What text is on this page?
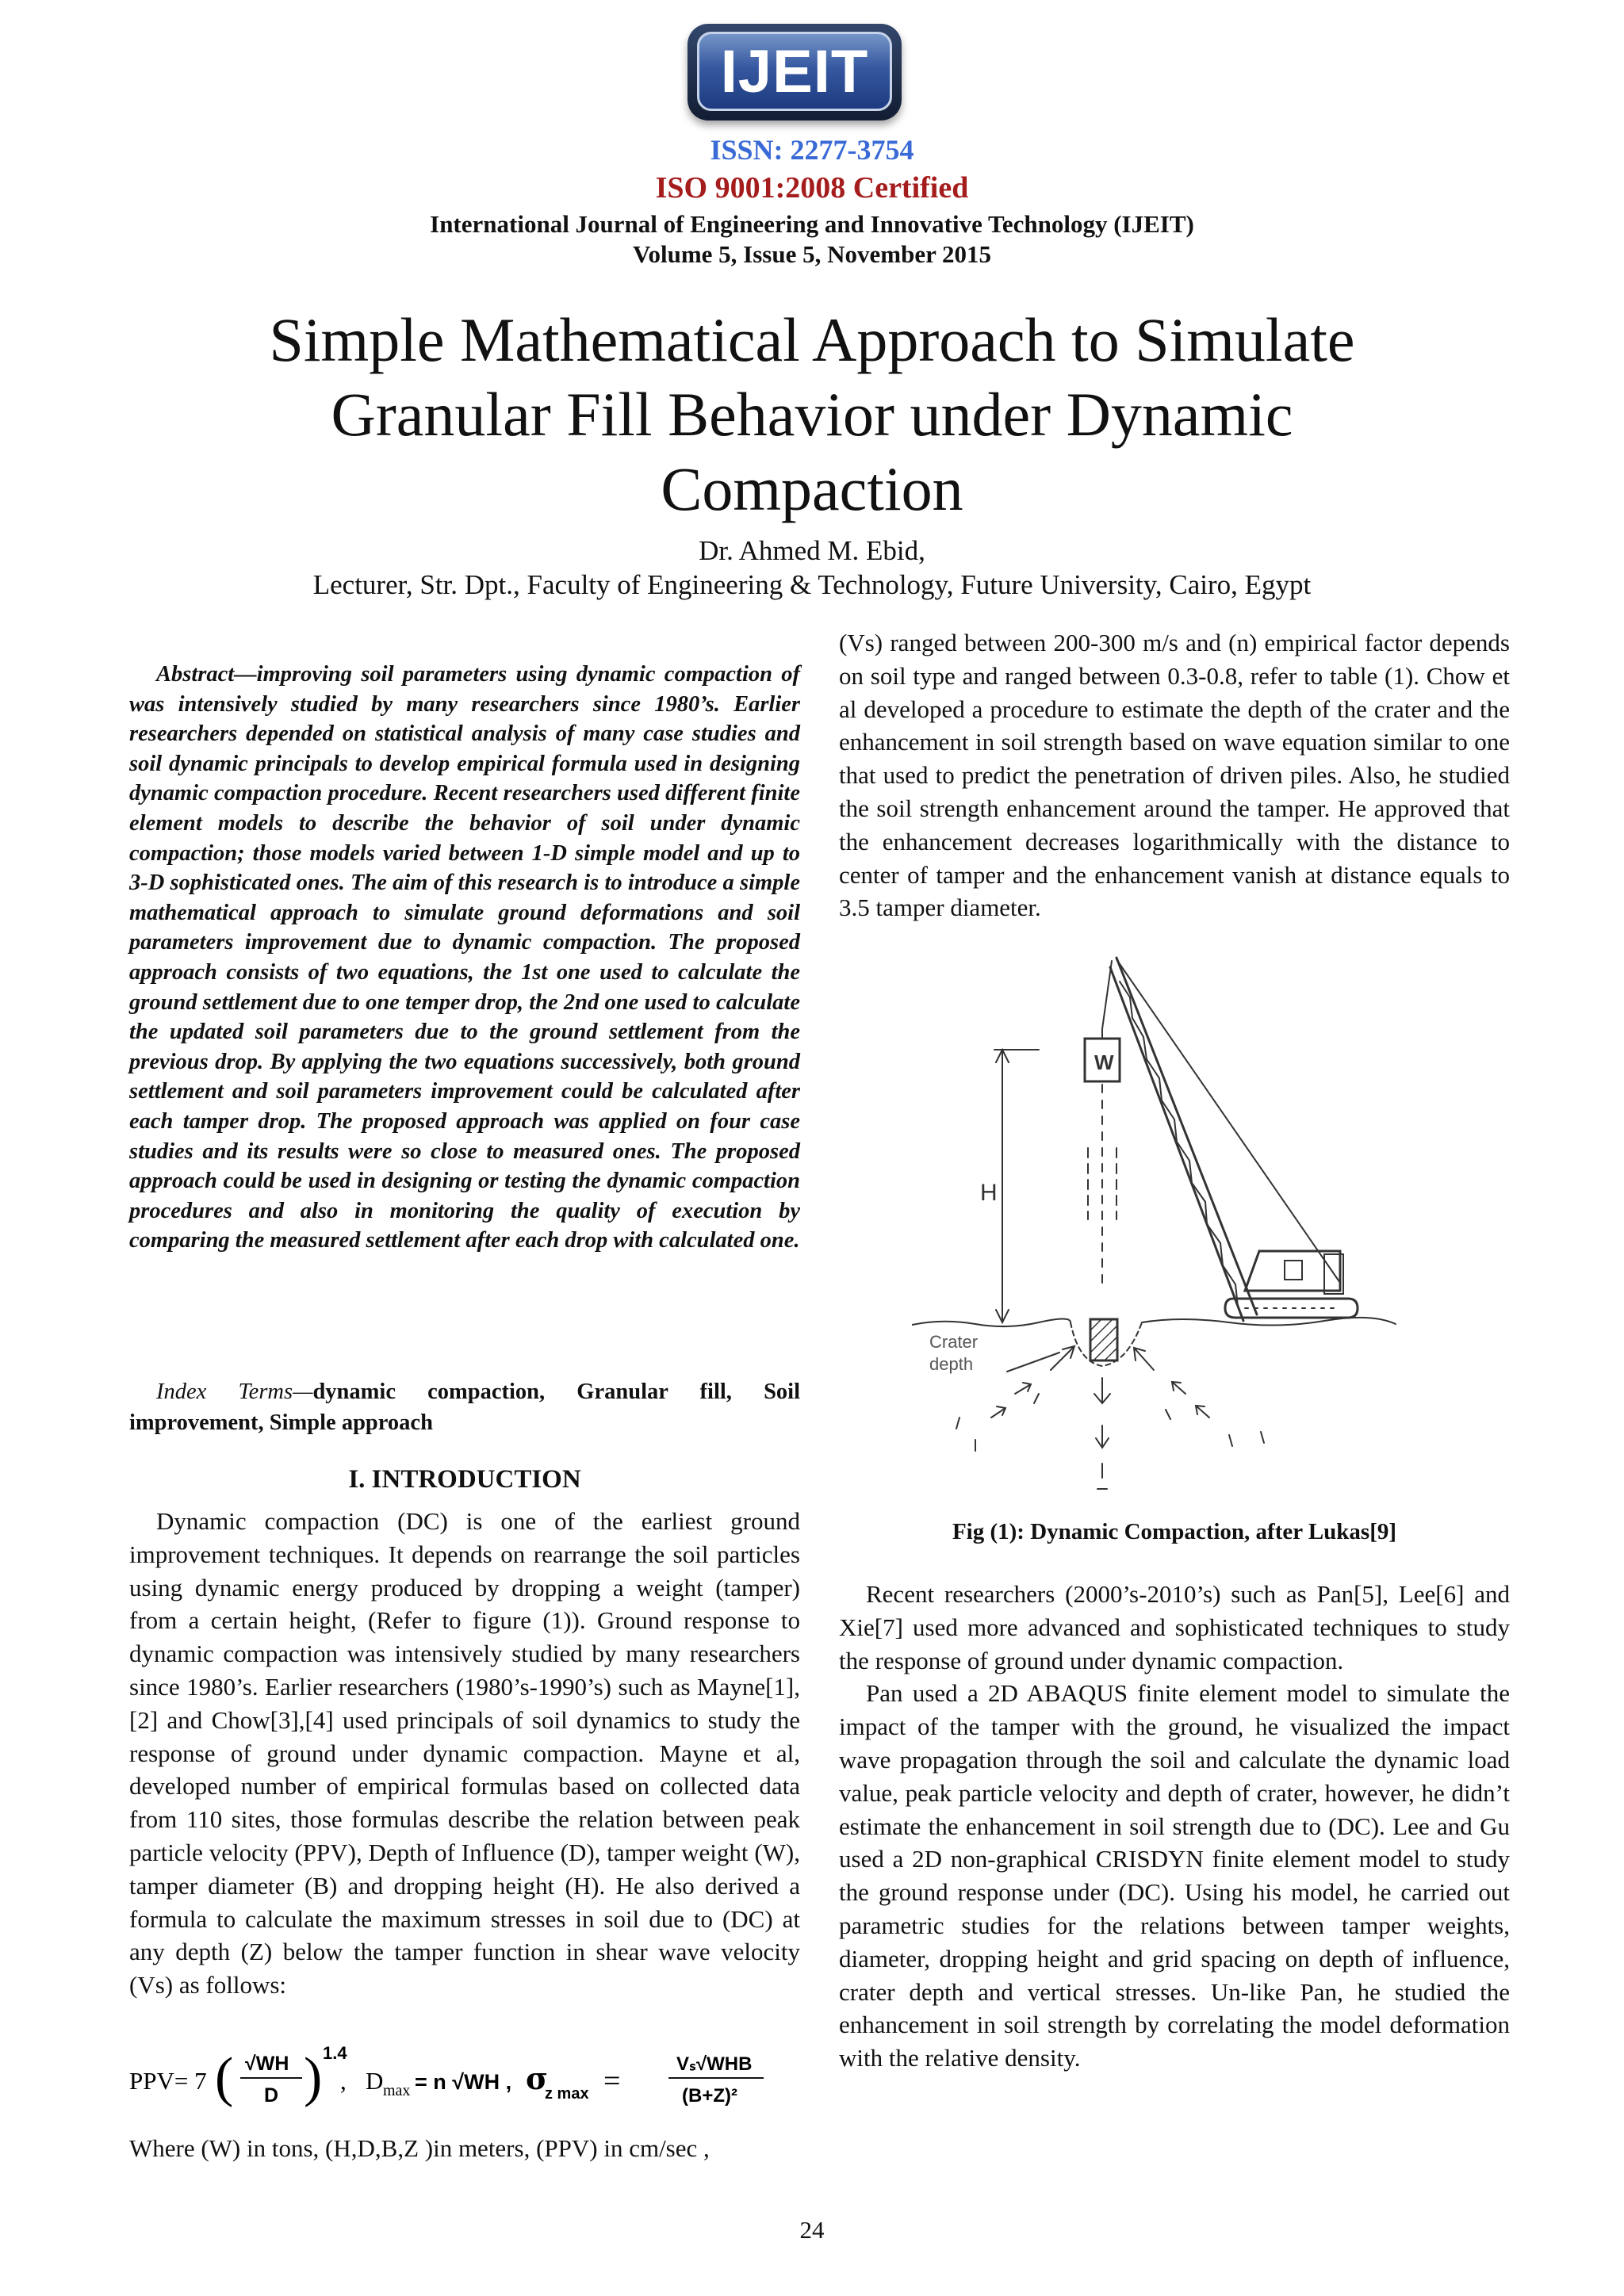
IJEIT
ISSN: 2277-3754
ISO 9001:2008 Certified
International Journal of Engineering and Innovative Technology (IJEIT)
Volume 5, Issue 5, November 2015
Simple Mathematical Approach to Simulate
Granular Fill Behavior under Dynamic
Compaction
Dr. Ahmed M. Ebid,
Lecturer, Str. Dpt., Faculty of Engineering & Technology, Future University, Cairo, Egypt

Abstract—improving soil parameters using dynamic compaction of was intensively studied by many researchers since 1980’s. Earlier researchers depended on statistical analysis of many case studies and soil dynamic principals to develop empirical formula used in designing dynamic compaction procedure. Recent researchers used different finite element models to describe the behavior of soil under dynamic compaction; those models varied between 1-D simple model and up to 3-D sophisticated ones. The aim of this research is to introduce a simple mathematical approach to simulate ground deformations and soil parameters improvement due to dynamic compaction. The proposed approach consists of two equations, the 1st one used to calculate the ground settlement due to one temper drop, the 2nd one used to calculate the updated soil parameters due to the ground settlement from the previous drop. By applying the two equations successively, both ground settlement and soil parameters improvement could be calculated after each tamper drop. The proposed approach was applied on four case studies and its results were so close to measured ones. The proposed approach could be used in designing or testing the dynamic compaction procedures and also in monitoring the quality of execution by comparing the measured settlement after each drop with calculated one.

Index Terms—dynamic compaction, Granular fill, Soil improvement, Simple approach
I. INTRODUCTION

Dynamic compaction (DC) is one of the earliest ground improvement techniques. It depends on rearrange the soil particles using dynamic energy produced by dropping a weight (tamper) from a certain height, (Refer to figure (1)). Ground response to dynamic compaction was intensively studied by many researchers since 1980’s. Earlier researchers (1980’s-1990’s) such as Mayne[1],[2] and Chow[3],[4] used principals of soil dynamics to study the response of ground under dynamic compaction. Mayne et al, developed number of empirical formulas based on collected data from 110 sites, those formulas describe the relation between peak particle velocity (PPV), Depth of Influence (D), tamper weight (W), tamper diameter (B) and dropping height (H). He also derived a formula to calculate the maximum stresses in soil due to (DC) at any depth (Z) below the tamper function in shear wave velocity (Vs) as follows:

PPV= 7 ( √WH
D ) 1.4
, D max = n √WH , σ
z max =
Vₛ√WHB
(B+Z)²

Where (W) in tons, (H,D,B,Z )in meters, (PPV) in cm/sec ,

(Vs) ranged between 200-300 m/s and (n) empirical factor depends on soil type and ranged between 0.3-0.8, refer to table (1). Chow et al developed a procedure to estimate the depth of the crater and the enhancement in soil strength based on wave equation similar to one that used to predict the penetration of driven piles. Also, he studied the soil strength enhancement around the tamper. He approved that the enhancement decreases logarithmically with the distance to center of tamper and the enhancement vanish at distance equals to 3.5 tamper diameter.

W
H
Crater
depth
Fig (1): Dynamic Compaction, after Lukas[9]

Recent researchers (2000’s-2010’s) such as Pan[5], Lee[6] and Xie[7] used more advanced and sophisticated techniques to study the response of ground under dynamic compaction.

Pan used a 2D ABAQUS finite element model to simulate the impact of the tamper with the ground, he visualized the impact wave propagation through the soil and calculate the dynamic load value, peak particle velocity and depth of crater, however, he didn’t estimate the enhancement in soil strength due to (DC). Lee and Gu used a 2D non-graphical CRISDYN finite element model to study the ground response under (DC). Using his model, he carried out parametric studies for the relations between tamper weights, diameter, dropping height and grid spacing on depth of influence, crater depth and vertical stresses. Un-like Pan, he studied the enhancement in soil strength by correlating the model deformation with the relative density.

24
